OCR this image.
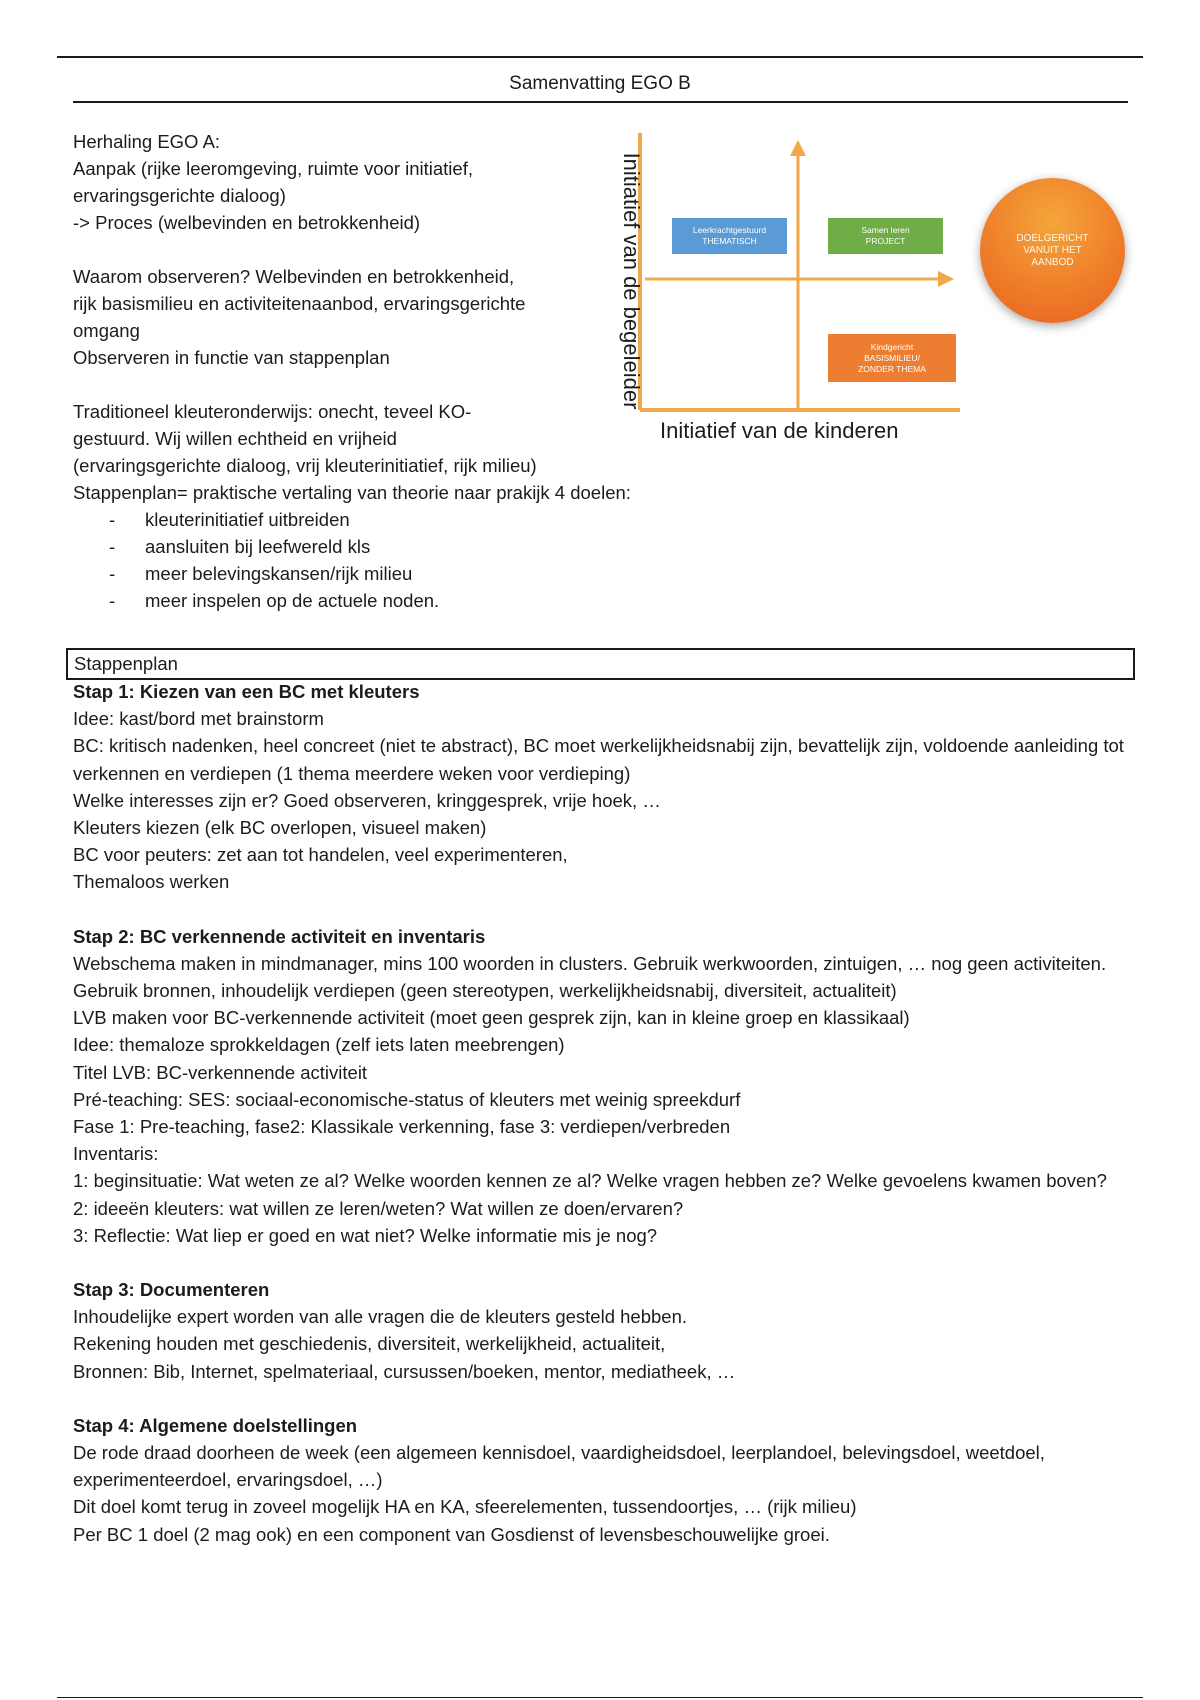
Samenvatting EGO B
Herhaling EGO A:
Aanpak (rijke leeromgeving, ruimte voor initiatief,
ervaringsgerichte dialoog)
-> Proces (welbevinden en betrokkenheid)
Waarom observeren? Welbevinden en betrokkenheid,
rijk basismilieu en activiteitenaanbod, ervaringsgerichte
omgang
Observeren in functie van stappenplan
Traditioneel kleuteronderwijs: onecht, teveel KO-
gestuurd. Wij willen echtheid en vrijheid
(ervaringsgerichte dialoog, vrij kleuterinitiatief, rijk milieu)
Stappenplan= praktische vertaling van theorie naar prakijk 4 doelen:
- kleuterinitiatief uitbreiden
- aansluiten bij leefwereld kls
- meer belevingskansen/rijk milieu
- meer inspelen op de actuele noden.
Initiatief van de begeleider
Initiatief van de kinderen
Leerkrachtgestuurd
THEMATISCH
Samen leren
PROJECT
Kindgericht
BASISMILIEU/
ZONDER THEMA
DOELGERICHT
VANUIT HET
AANBOD
Stappenplan
Stap 1: Kiezen van een BC met kleuters

Idee: kast/bord met brainstorm

BC: kritisch nadenken, heel concreet (niet te abstract), BC moet werkelijkheidsnabij zijn, bevattelijk zijn, voldoende aanleiding tot verkennen en verdiepen (1 thema meerdere weken voor verdieping)

Welke interesses zijn er? Goed observeren, kringgesprek, vrije hoek, …

Kleuters kiezen (elk BC overlopen, visueel maken)

BC voor peuters: zet aan tot handelen, veel experimenteren,

Themaloos werken

Stap 2: BC verkennende activiteit en inventaris

Webschema maken in mindmanager, mins 100 woorden in clusters. Gebruik werkwoorden, zintuigen, … nog geen activiteiten.

Gebruik bronnen, inhoudelijk verdiepen (geen stereotypen, werkelijkheidsnabij, diversiteit, actualiteit)

LVB maken voor BC-verkennende activiteit (moet geen gesprek zijn, kan in kleine groep en klassikaal)

Idee: themaloze sprokkeldagen (zelf iets laten meebrengen)

Titel LVB: BC-verkennende activiteit

Pré-teaching: SES: sociaal-economische-status of kleuters met weinig spreekdurf

Fase 1: Pre-teaching, fase2: Klassikale verkenning, fase 3: verdiepen/verbreden

Inventaris:

1: beginsituatie: Wat weten ze al? Welke woorden kennen ze al? Welke vragen hebben ze? Welke gevoelens kwamen boven?

2: ideeën kleuters: wat willen ze leren/weten? Wat willen ze doen/ervaren?

3: Reflectie: Wat liep er goed en wat niet? Welke informatie mis je nog?

Stap 3: Documenteren

Inhoudelijke expert worden van alle vragen die de kleuters gesteld hebben.

Rekening houden met geschiedenis, diversiteit, werkelijkheid, actualiteit,

Bronnen: Bib, Internet, spelmateriaal, cursussen/boeken, mentor, mediatheek, …

Stap 4: Algemene doelstellingen

De rode draad doorheen de week (een algemeen kennisdoel, vaardigheidsdoel, leerplandoel, belevingsdoel, weetdoel, experimenteerdoel, ervaringsdoel, …)

Dit doel komt terug in zoveel mogelijk HA en KA, sfeerelementen, tussendoortjes, … (rijk milieu)

Per BC 1 doel (2 mag ook) en een component van Gosdienst of levensbeschouwelijke groei.
